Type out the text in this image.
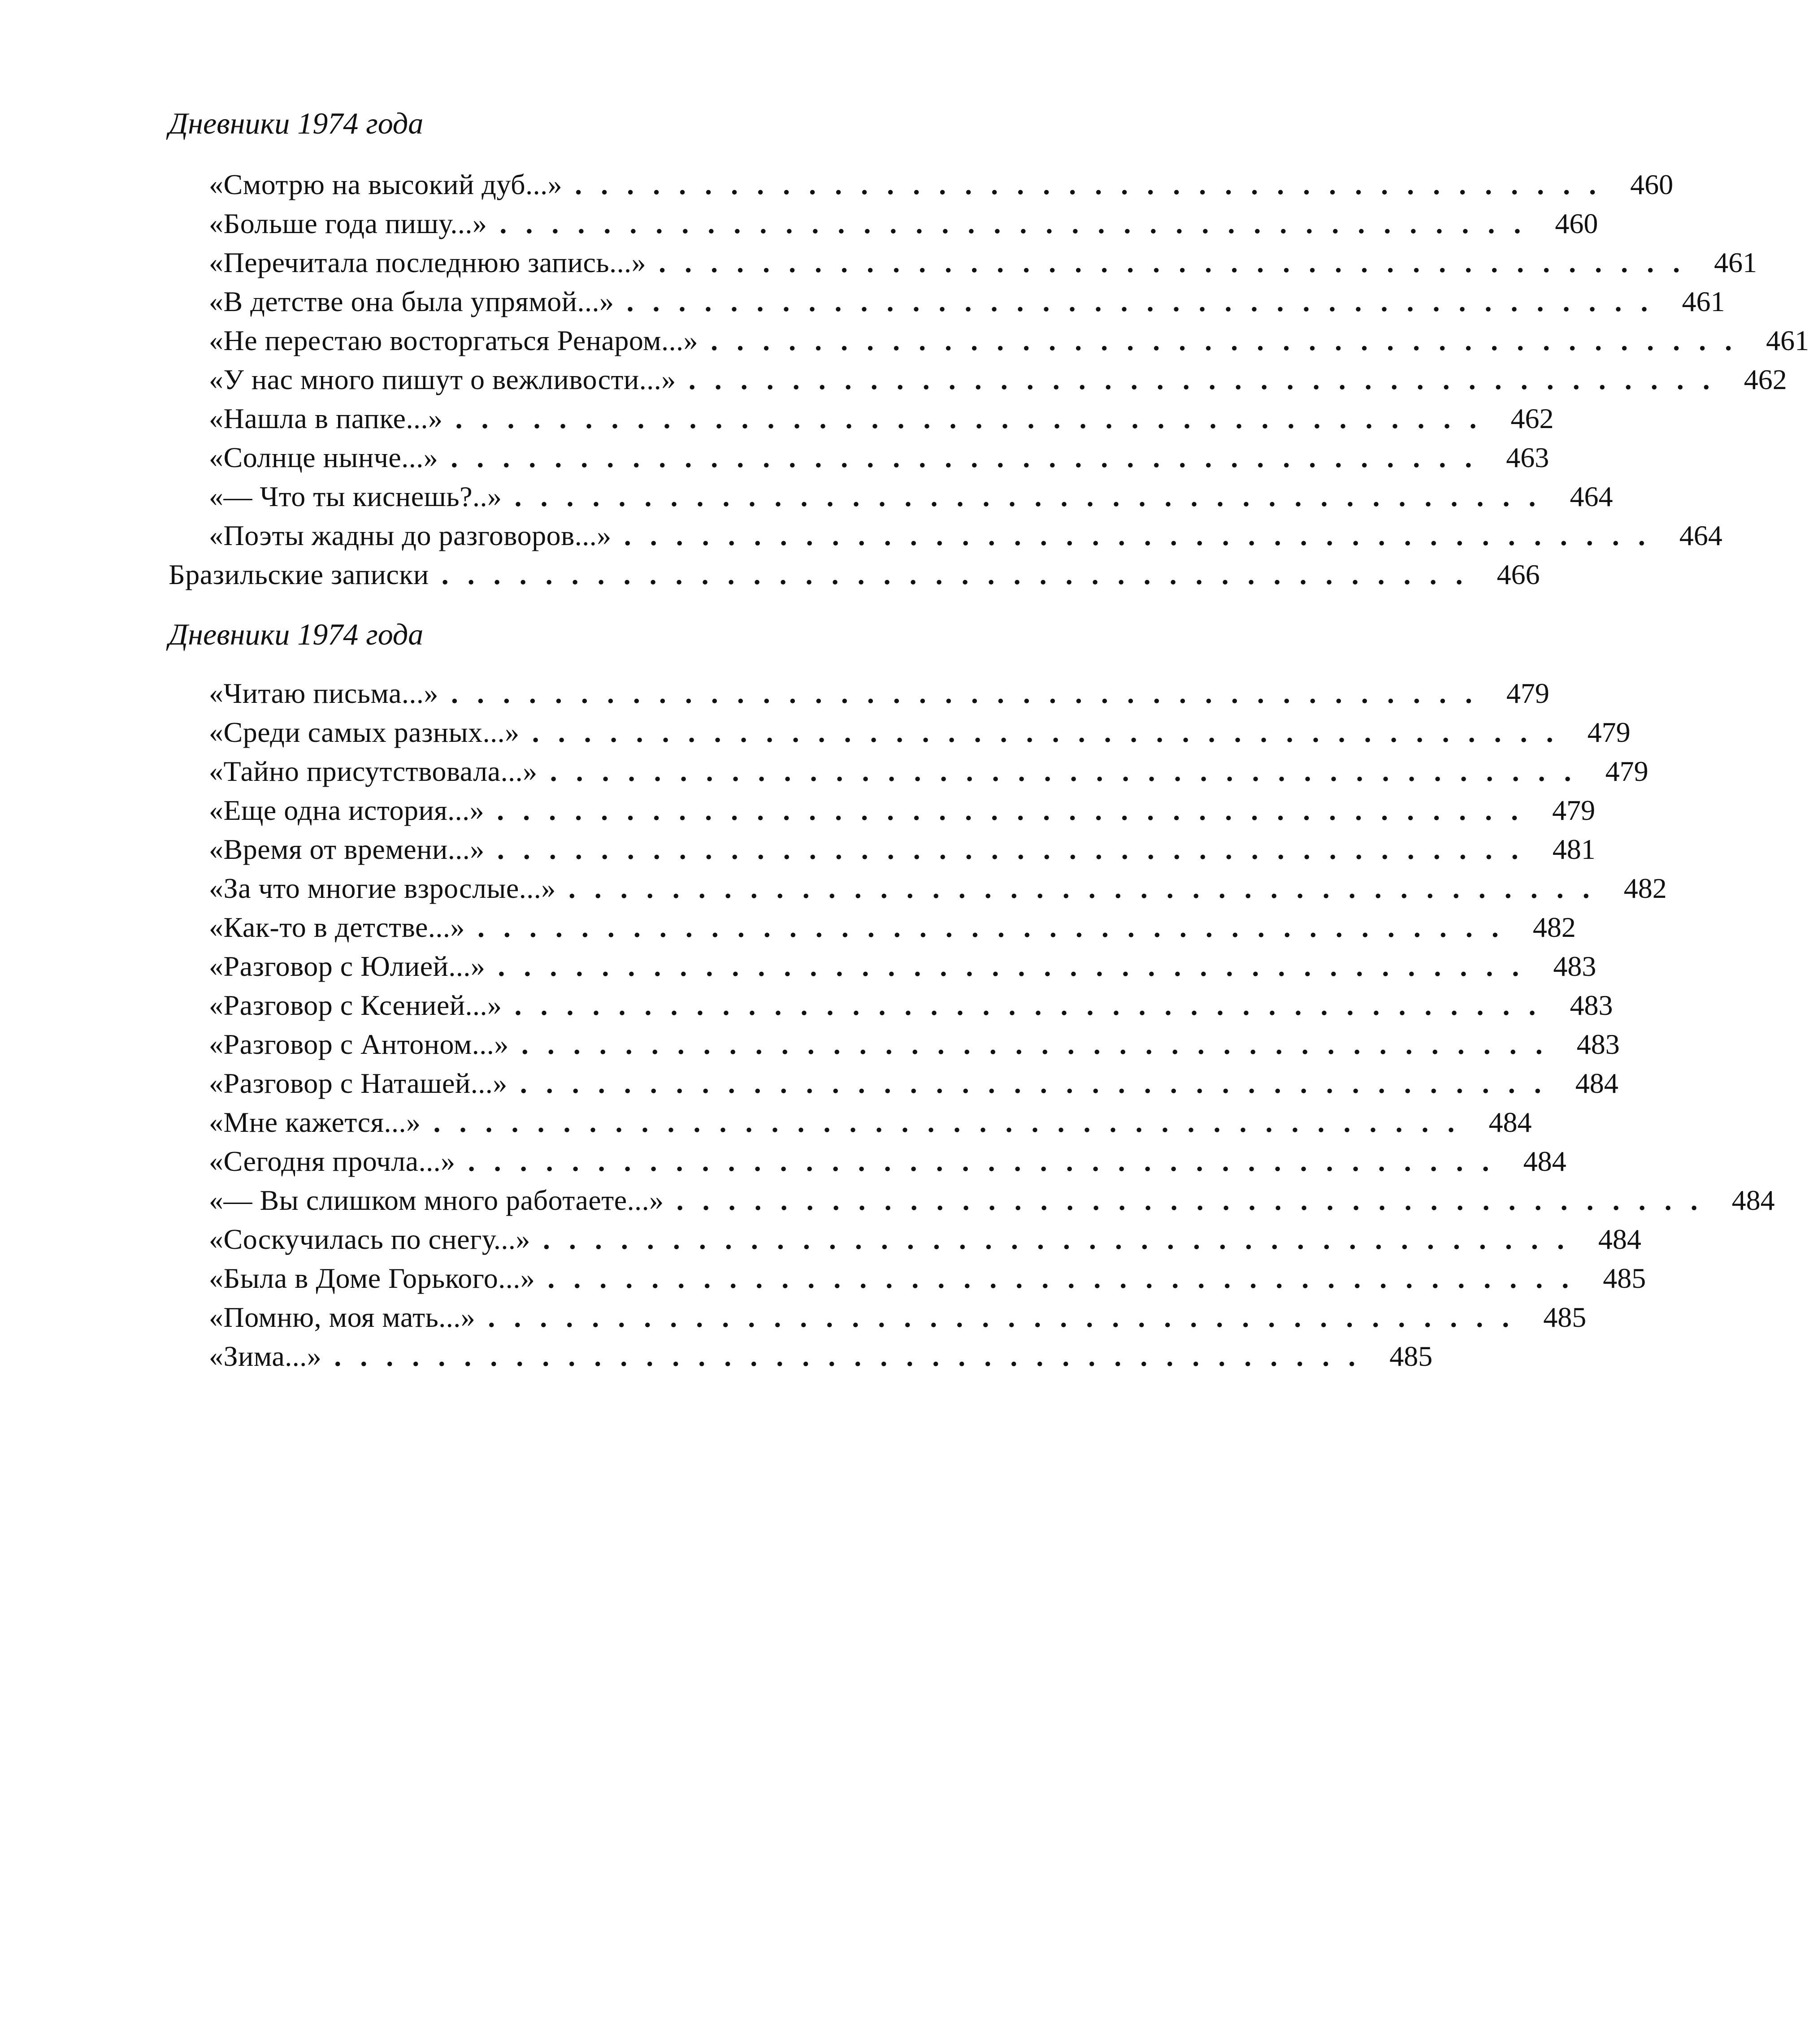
Дневники 1974 года
«Смотрю на высокий дуб...» ........................................ 460
«Больше года пишу...» ........................................ 460
«Перечитала последнюю запись...» ........................................ 461
«В детстве она была упрямой...» ........................................ 461
«Не перестаю восторгаться Ренаром...» ........................................ 461
«У нас много пишут о вежливости...» ........................................ 462
«Нашла в папке...» ........................................ 462
«Солнце нынче...» ........................................ 463
«— Что ты киснешь?..» ........................................ 464
«Поэты жадны до разговоров...» ........................................ 464
Бразильские записки ........................................ 466
Дневники 1974 года
«Читаю письма...» ........................................ 479
«Среди самых разных...» ........................................ 479
«Тайно присутствовала...» ........................................ 479
«Еще одна история...» ........................................ 479
«Время от времени...» ........................................ 481
«За что многие взрослые...» ........................................ 482
«Как-то в детстве...» ........................................ 482
«Разговор с Юлией...» ........................................ 483
«Разговор с Ксенией...» ........................................ 483
«Разговор с Антоном...» ........................................ 483
«Разговор с Наташей...» ........................................ 484
«Мне кажется...» ........................................ 484
«Сегодня прочла...» ........................................ 484
«— Вы слишком много работаете...» ........................................ 484
«Соскучилась по снегу...» ........................................ 484
«Была в Доме Горького...» ........................................ 485
«Помню, моя мать...» ........................................ 485
«Зима...» ........................................ 485
